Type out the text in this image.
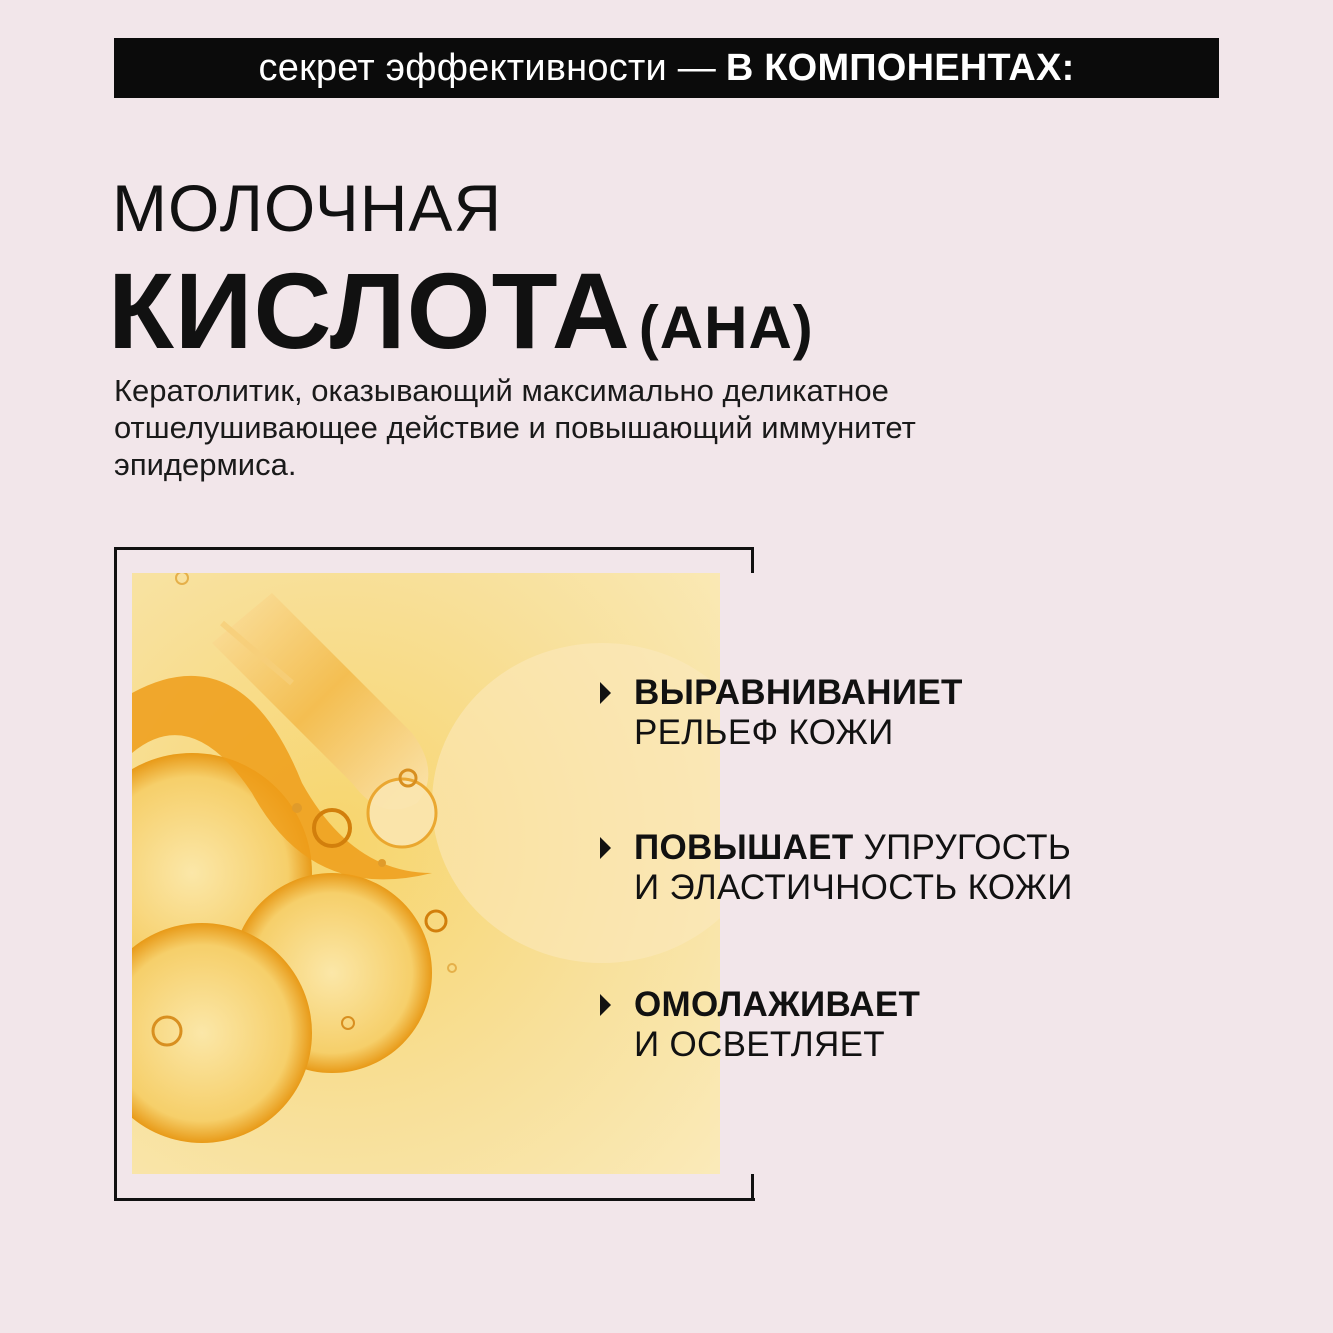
секрет эффективности — В КОМПОНЕНТАХ:
МОЛОЧНАЯ
КИСЛОТА (AHA)
Кератолитик, оказывающий максимально деликатное отшелушивающее действие и повышающий иммунитет эпидермиса.
ВЫРАВНИВАНИЕТ
РЕЛЬЕФ КОЖИ
ПОВЫШАЕТ УПРУГОСТЬ
И ЭЛАСТИЧНОСТЬ КОЖИ
ОМОЛАЖИВАЕТ
И ОСВЕТЛЯЕТ
